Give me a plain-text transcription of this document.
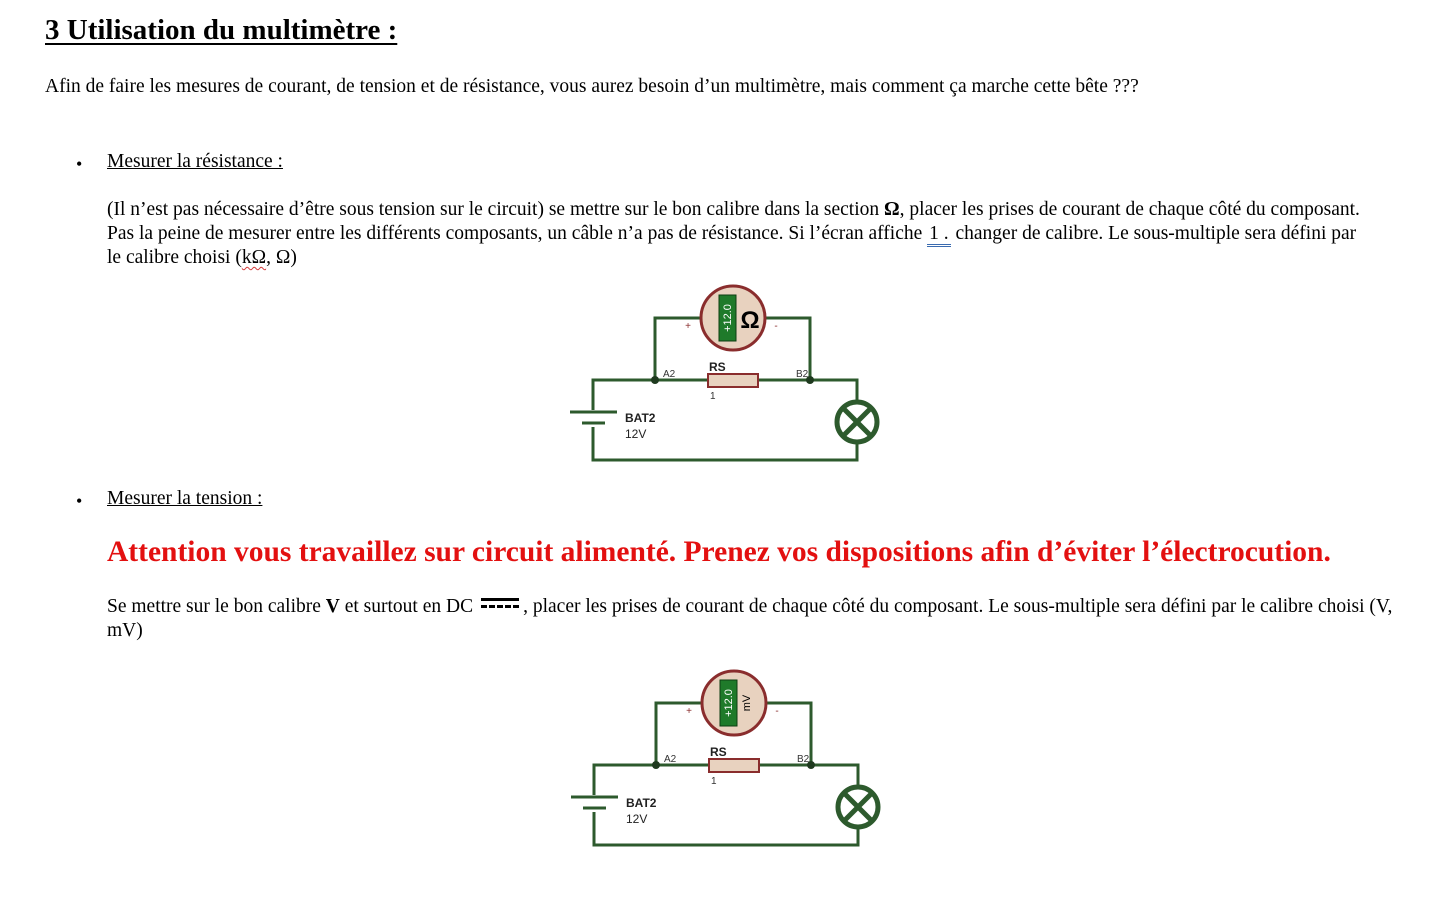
3 Utilisation du multimètre :
Afin de faire les mesures de courant, de tension et de résistance, vous aurez besoin d’un multimètre, mais comment ça marche cette bête ???
• Mesurer la résistance :
(Il n’est pas nécessaire d’être sous tension sur le circuit) se mettre sur le bon calibre dans la section Ω, placer les prises de courant de chaque côté du composant. Pas la peine de mesurer entre les différents composants, un câble n’a pas de résistance. Si l’écran affiche 1 . changer de calibre. Le sous-multiple sera défini par le calibre choisi (kΩ, Ω)
+12.0 Ω
+	-
A2	B2
RS
1
BAT2
12V
• Mesurer la tension :
Attention vous travaillez sur circuit alimenté. Prenez vos dispositions afin d’éviter l’électrocution.
Se mettre sur le bon calibre V et surtout en DC	, placer les prises de courant de chaque côté du composant. Le sous-multiple sera défini par le calibre choisi (V, mV)
+12.0 mV
+	-
A2	B2
RS
1
BAT2
12V
